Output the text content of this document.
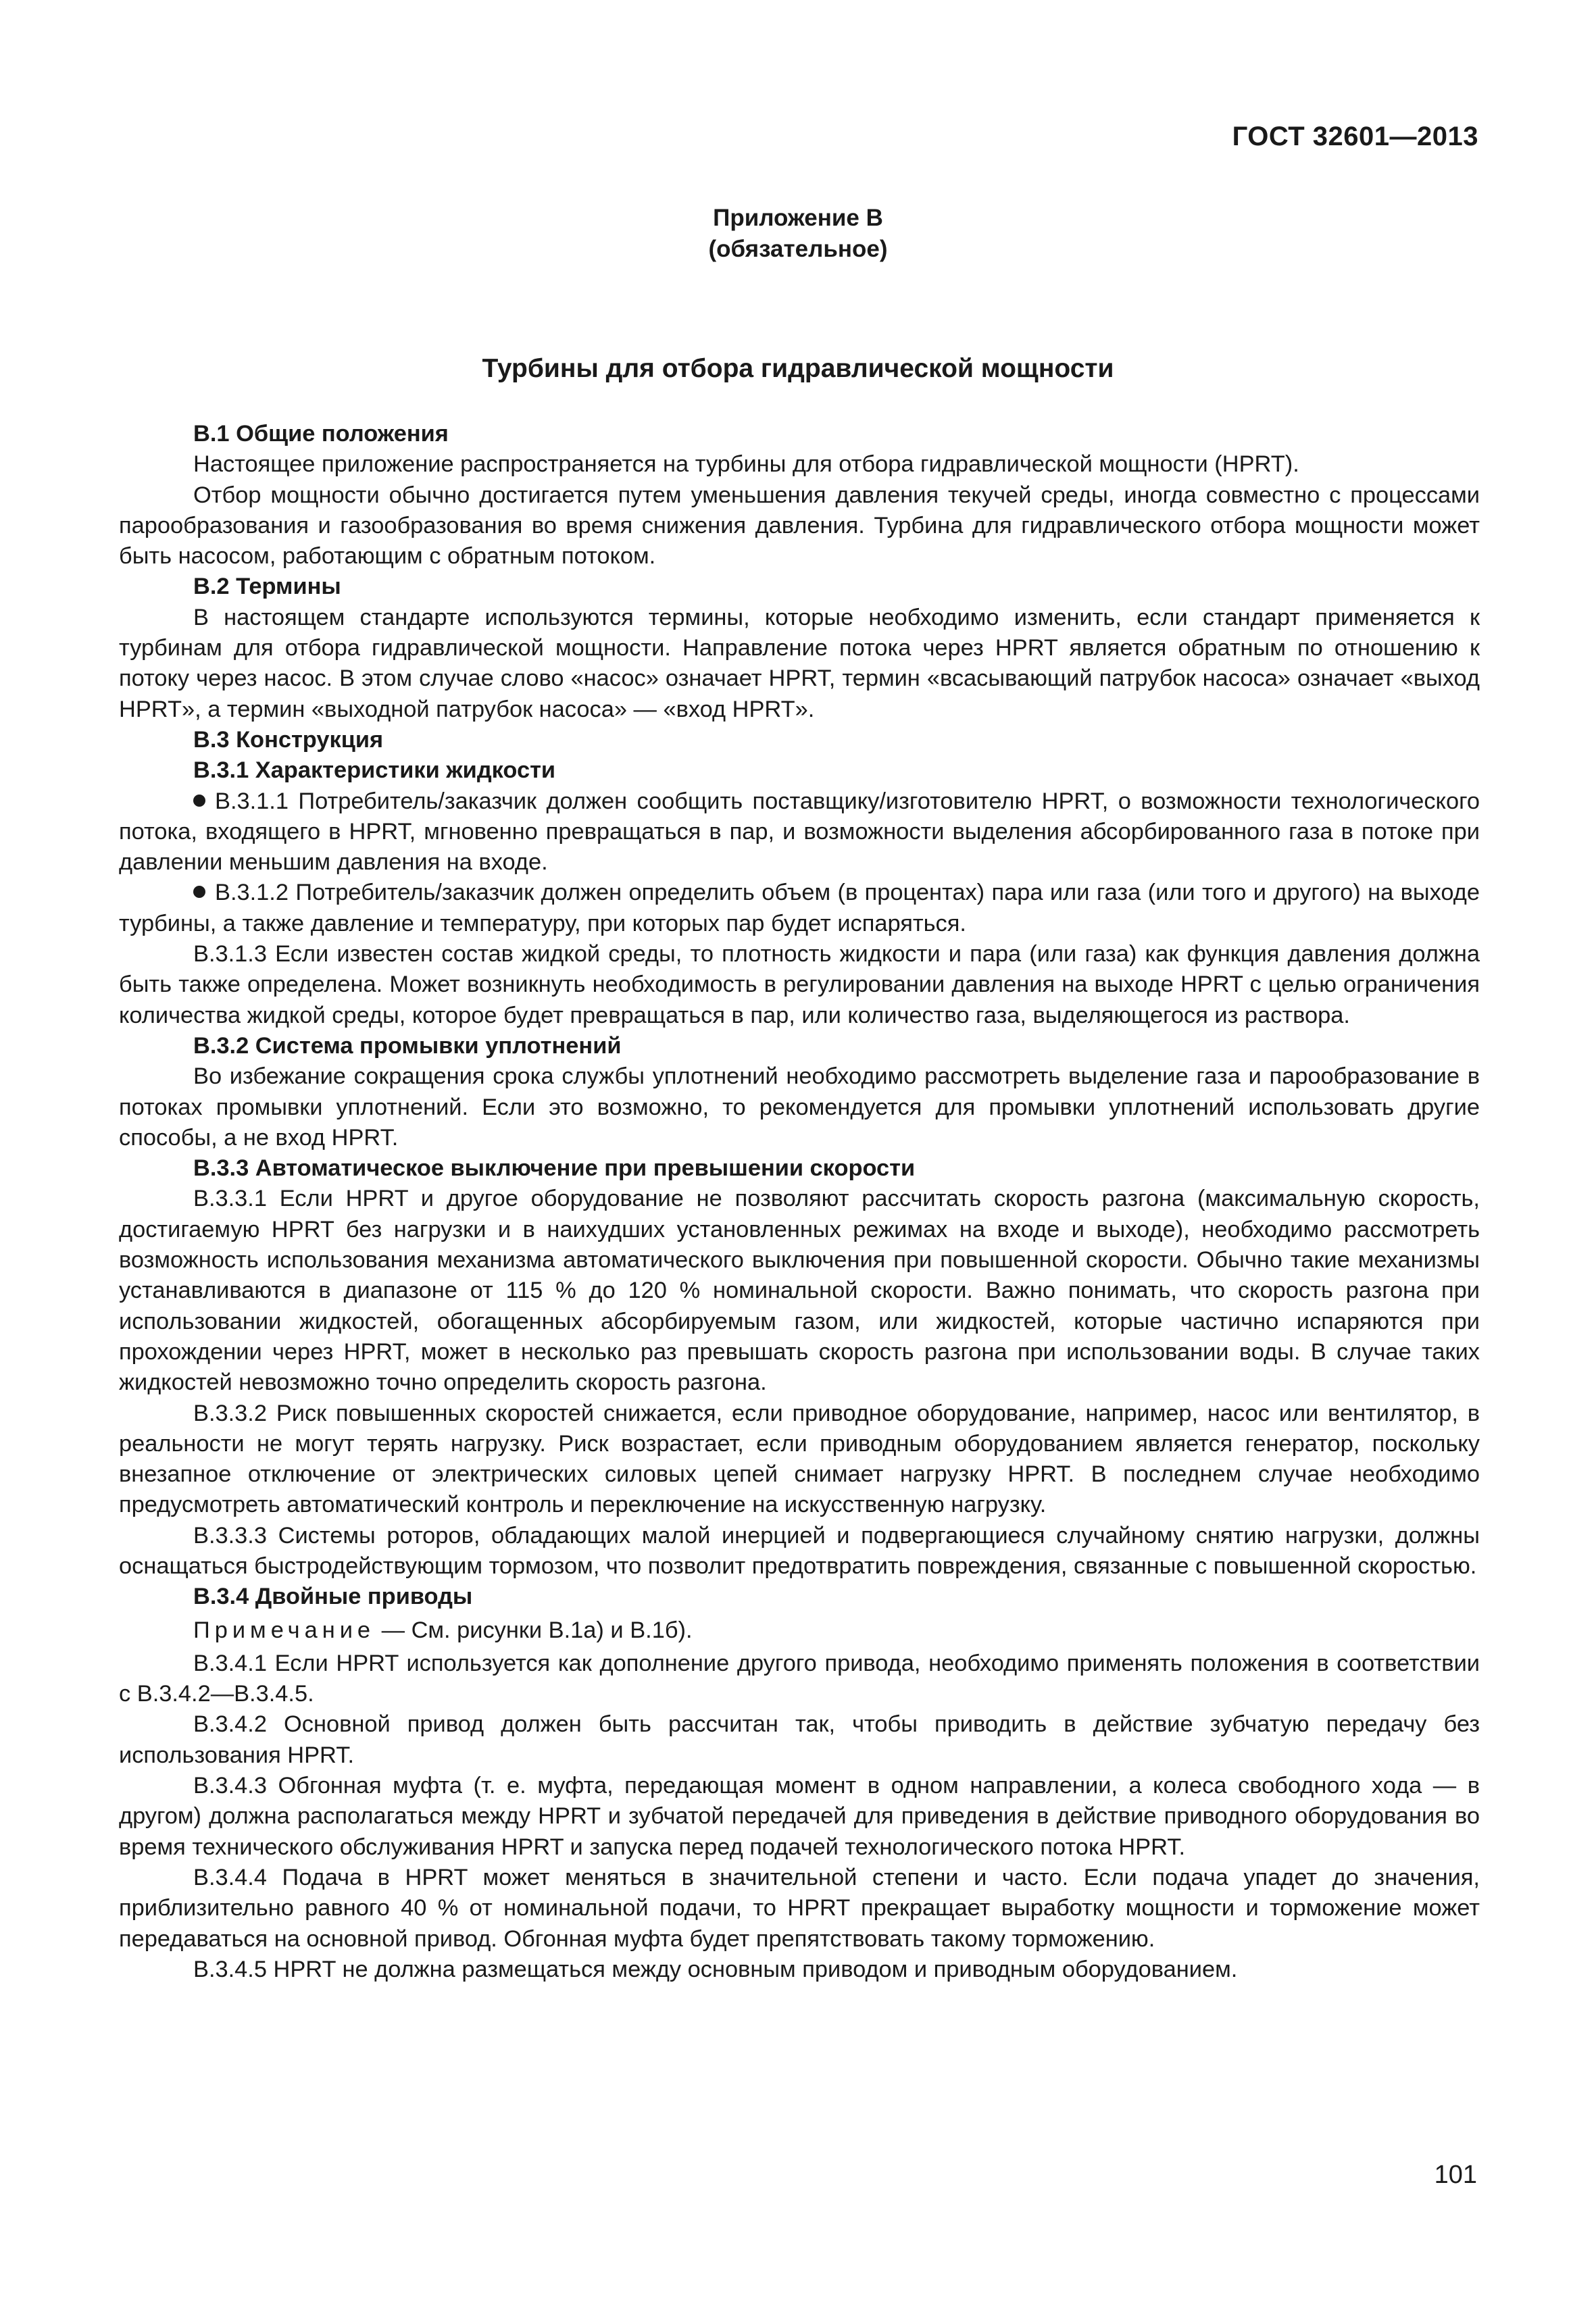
ГОСТ 32601—2013
Приложение В
(обязательное)
Турбины для отбора гидравлической мощности

В.1 Общие положения

Настоящее приложение распространяется на турбины для отбора гидравлической мощности (HPRT).

Отбор мощности обычно достигается путем уменьшения давления текучей среды, иногда совместно с процессами парообразования и газообразования во время снижения давления. Турбина для гидравлического отбора мощности может быть насосом, работающим с обратным потоком.

В.2 Термины

В настоящем стандарте используются термины, которые необходимо изменить, если стандарт применяется к турбинам для отбора гидравлической мощности. Направление потока через HPRT является обратным по отношению к потоку через насос. В этом случае слово «насос» означает HPRT, термин «всасывающий патрубок насоса» означает «выход HPRT», а термин «выходной патрубок насоса» — «вход HPRT».

В.3 Конструкция

В.3.1 Характеристики жидкости

В.3.1.1 Потребитель/заказчик должен сообщить поставщику/изготовителю HPRT, о возможности технологического потока, входящего в HPRT, мгновенно превращаться в пар, и возможности выделения абсорбированного газа в потоке при давлении меньшим давления на входе.

В.3.1.2 Потребитель/заказчик должен определить объем (в процентах) пара или газа (или того и другого) на выходе турбины, а также давление и температуру, при которых пар будет испаряться.

В.3.1.3 Если известен состав жидкой среды, то плотность жидкости и пара (или газа) как функция давления должна быть также определена. Может возникнуть необходимость в регулировании давления на выходе HPRT с целью ограничения количества жидкой среды, которое будет превращаться в пар, или количество газа, выделяющегося из раствора.

В.3.2 Система промывки уплотнений

Во избежание сокращения срока службы уплотнений необходимо рассмотреть выделение газа и парообразование в потоках промывки уплотнений. Если это возможно, то рекомендуется для промывки уплотнений использовать другие способы, а не вход HPRT.

В.3.3 Автоматическое выключение при превышении скорости

В.3.3.1 Если HPRT и другое оборудование не позволяют рассчитать скорость разгона (максимальную скорость, достигаемую HPRT без нагрузки и в наихудших установленных режимах на входе и выходе), необходимо рассмотреть возможность использования механизма автоматического выключения при повышенной скорости. Обычно такие механизмы устанавливаются в диапазоне от 115 % до 120 % номинальной скорости. Важно понимать, что скорость разгона при использовании жидкостей, обогащенных абсорбируемым газом, или жидкостей, которые частично испаряются при прохождении через HPRT, может в несколько раз превышать скорость разгона при использовании воды. В случае таких жидкостей невозможно точно определить скорость разгона.

В.3.3.2 Риск повышенных скоростей снижается, если приводное оборудование, например, насос или вентилятор, в реальности не могут терять нагрузку. Риск возрастает, если приводным оборудованием является генератор, поскольку внезапное отключение от электрических силовых цепей снимает нагрузку HPRT. В последнем случае необходимо предусмотреть автоматический контроль и переключение на искусственную нагрузку.

В.3.3.3 Системы роторов, обладающих малой инерцией и подвергающиеся случайному снятию нагрузки, должны оснащаться быстродействующим тормозом, что позволит предотвратить повреждения, связанные с повышенной скоростью.

В.3.4 Двойные приводы

Примечание — См. рисунки В.1а) и В.1б).

В.3.4.1 Если HPRT используется как дополнение другого привода, необходимо применять положения в соответствии с В.3.4.2—В.3.4.5.

В.3.4.2 Основной привод должен быть рассчитан так, чтобы приводить в действие зубчатую передачу без использования HPRT.

В.3.4.3 Обгонная муфта (т. е. муфта, передающая момент в одном направлении, а колеса свободного хода — в другом) должна располагаться между HPRT и зубчатой передачей для приведения в действие приводного оборудования во время технического обслуживания HPRT и запуска перед подачей технологического потока HPRT.

В.3.4.4 Подача в HPRT может меняться в значительной степени и часто. Если подача упадет до значения, приблизительно равного 40 % от номинальной подачи, то HPRT прекращает выработку мощности и торможение может передаваться на основной привод. Обгонная муфта будет препятствовать такому торможению.

В.3.4.5 HPRT не должна размещаться между основным приводом и приводным оборудованием.

101
